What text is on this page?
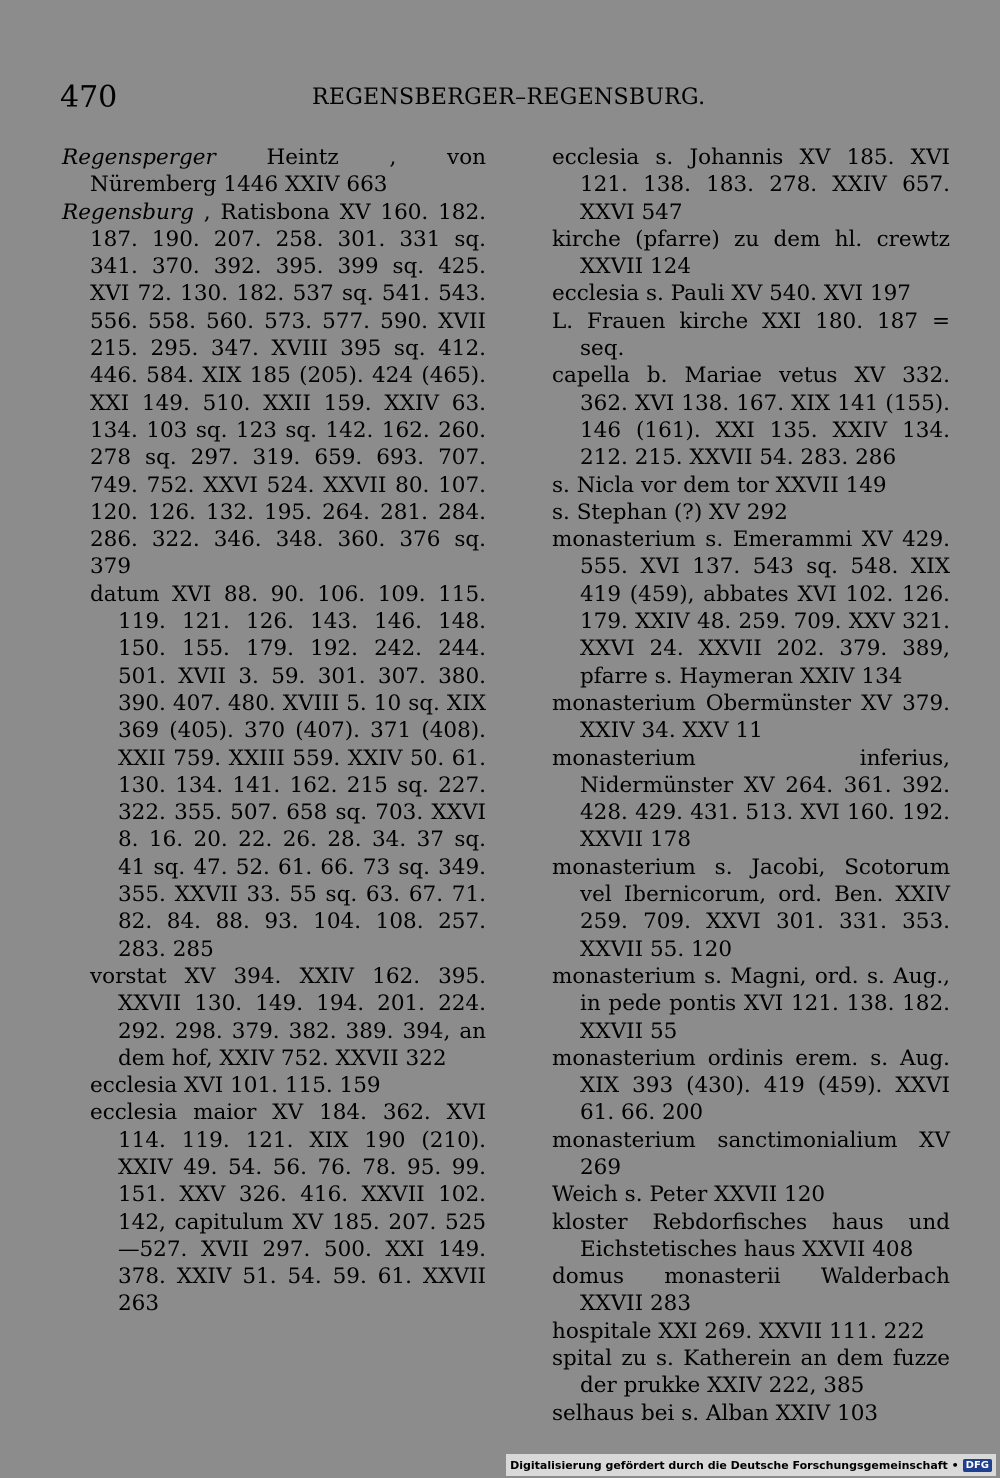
470	REGENSBERGER–REGENSBURG.
Regensperger Heintz , von Nüremberg 1446 XXIV 663
Regensburg , Ratisbona XV 160. 182. 187. 190. 207. 258. 301. 331 sq. 341. 370. 392. 395. 399 sq. 425. XVI 72. 130. 182. 537 sq. 541. 543. 556. 558. 560. 573. 577. 590. XVII 215. 295. 347. XVIII 395 sq. 412. 446. 584. XIX 185 (205). 424 (465). XXI 149. 510. XXII 159. XXIV 63. 134. 103 sq. 123 sq. 142. 162. 260. 278 sq. 297. 319. 659. 693. 707. 749. 752. XXVI 524. XXVII 80. 107. 120. 126. 132. 195. 264. 281. 284. 286. 322. 346. 348. 360. 376 sq. 379
datum XVI 88. 90. 106. 109. 115. 119. 121. 126. 143. 146. 148. 150. 155. 179. 192. 242. 244. 501. XVII 3. 59. 301. 307. 380. 390. 407. 480. XVIII 5. 10 sq. XIX 369 (405). 370 (407). 371 (408). XXII 759. XXIII 559. XXIV 50. 61. 130. 134. 141. 162. 215 sq. 227. 322. 355. 507. 658 sq. 703. XXVI 8. 16. 20. 22. 26. 28. 34. 37 sq. 41 sq. 47. 52. 61. 66. 73 sq. 349. 355. XXVII 33. 55 sq. 63. 67. 71. 82. 84. 88. 93. 104. 108. 257. 283. 285
vorstat XV 394. XXIV 162. 395. XXVII 130. 149. 194. 201. 224. 292. 298. 379. 382. 389. 394, an dem hof, XXIV 752. XXVII 322
ecclesia XVI 101. 115. 159
ecclesia maior XV 184. 362. XVI 114. 119. 121. XIX 190 (210). XXIV 49. 54. 56. 76. 78. 95. 99. 151. XXV 326. 416. XXVII 102. 142, capitulum XV 185. 207. 525—527. XVII 297. 500. XXI 149. 378. XXIV 51. 54. 59. 61. XXVII 263
ecclesia s. Johannis XV 185. XVI 121. 138. 183. 278. XXIV 657. XXVI 547
kirche (pfarre) zu dem hl. crewtz XXVII 124
ecclesia s. Pauli XV 540. XVI 197
L. Frauen kirche XXI 180. 187 = seq.
capella b. Mariae vetus XV 332. 362. XVI 138. 167. XIX 141 (155). 146 (161). XXI 135. XXIV 134. 212. 215. XXVII 54. 283. 286
s. Nicla vor dem tor XXVII 149
s. Stephan (?) XV 292
monasterium s. Emerammi XV 429. 555. XVI 137. 543 sq. 548. XIX 419 (459), abbates XVI 102. 126. 179. XXIV 48. 259. 709. XXV 321. XXVI 24. XXVII 202. 379. 389, pfarre s. Haymeran XXIV 134
monasterium Obermünster XV 379. XXIV 34. XXV 11
monasterium inferius, Nidermünster XV 264. 361. 392. 428. 429. 431. 513. XVI 160. 192. XXVII 178
monasterium s. Jacobi, Scotorum vel Ibernicorum, ord. Ben. XXIV 259. 709. XXVI 301. 331. 353. XXVII 55. 120
monasterium s. Magni, ord. s. Aug., in pede pontis XVI 121. 138. 182. XXVII 55
monasterium ordinis erem. s. Aug. XIX 393 (430). 419 (459). XXVI 61. 66. 200
monasterium sanctimonialium XV 269
Weich s. Peter XXVII 120
kloster Rebdorfisches haus und Eichstetisches haus XXVII 408
domus monasterii Walderbach XXVII 283
hospitale XXI 269. XXVII 111. 222
spital zu s. Katherein an dem fuzze der prukke XXIV 222, 385
selhaus bei s. Alban XXIV 103
Digitalisierung gefördert durch die Deutsche Forschungsgemeinschaft • DFG
